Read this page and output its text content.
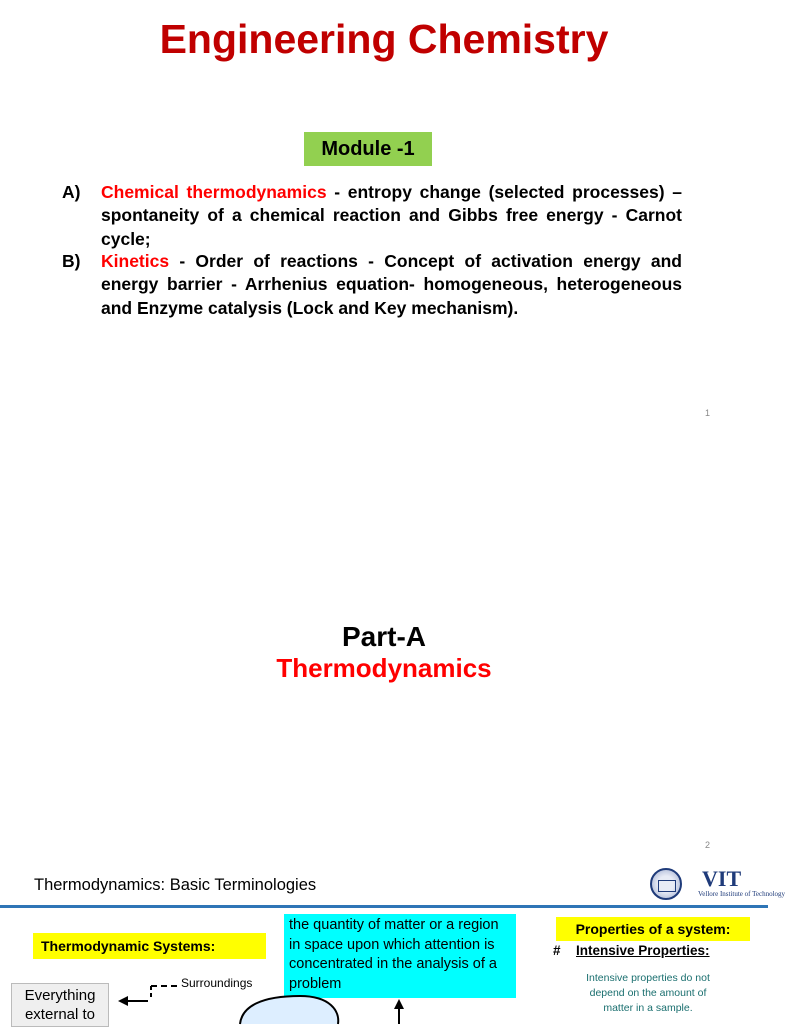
Engineering Chemistry
Module -1
A)	Chemical thermodynamics - entropy change (selected processes) – spontaneity of a chemical reaction and Gibbs free energy - Carnot cycle;
B)	Kinetics - Order of reactions - Concept of activation energy and energy barrier - Arrhenius equation- homogeneous, heterogeneous and Enzyme catalysis (Lock and Key mechanism).
1
Part-A
Thermodynamics
2
Thermodynamics: Basic Terminologies	VIT
Vellore Institute of Technology
Thermodynamic Systems:
the quantity of matter or a region in space upon which attention is concentrated in the analysis of a problem
Properties of a system:
# Intensive Properties:
Intensive properties do not depend on the amount of matter in a sample.
Surroundings
Everything external to
